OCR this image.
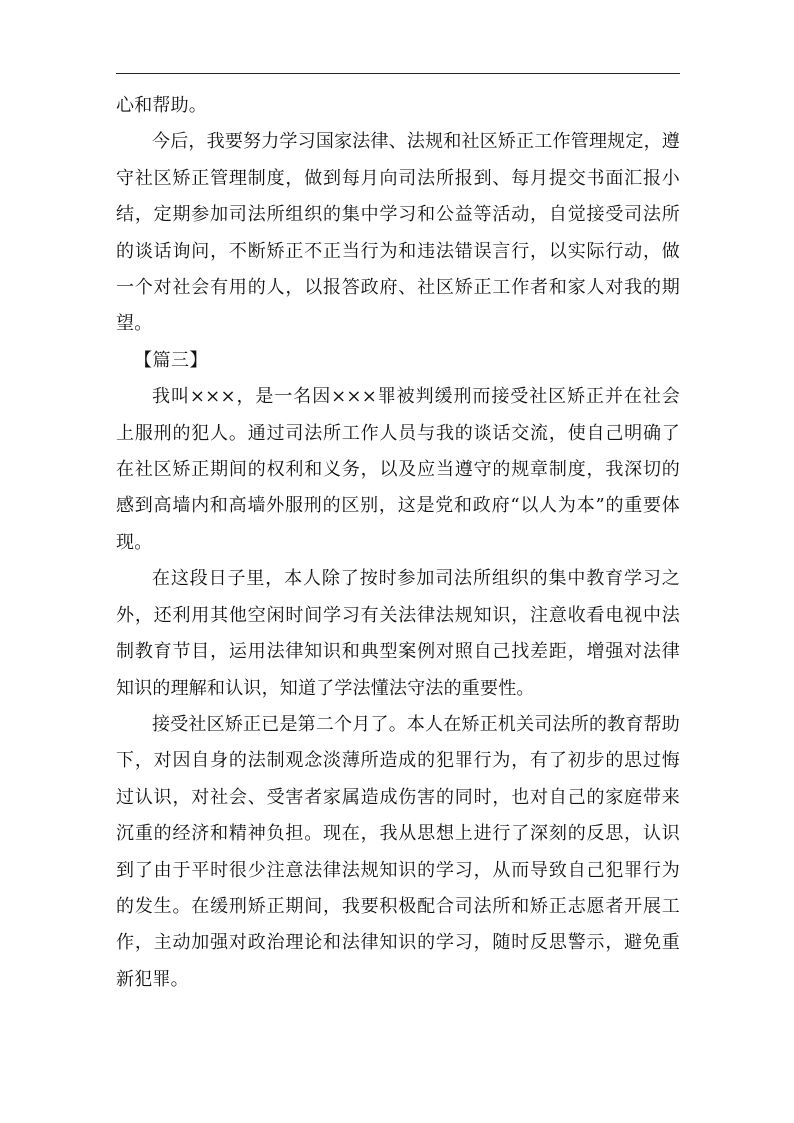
心和帮助。

今后，我要努力学习国家法律、法规和社区矫正工作管理规定，遵守社区矫正管理制度，做到每月向司法所报到、每月提交书面汇报小结，定期参加司法所组织的集中学习和公益等活动，自觉接受司法所的谈话询问，不断矫正不正当行为和违法错误言行，以实际行动，做一个对社会有用的人，以报答政府、社区矫正工作者和家人对我的期望。

【篇三】

我叫×××，是一名因×××罪被判缓刑而接受社区矫正并在社会上服刑的犯人。通过司法所工作人员与我的谈话交流，使自己明确了在社区矫正期间的权利和义务，以及应当遵守的规章制度，我深切的感到高墙内和高墙外服刑的区别，这是党和政府“以人为本”的重要体现。

在这段日子里，本人除了按时参加司法所组织的集中教育学习之外，还利用其他空闲时间学习有关法律法规知识，注意收看电视中法制教育节目，运用法律知识和典型案例对照自己找差距，增强对法律知识的理解和认识，知道了学法懂法守法的重要性。

接受社区矫正已是第二个月了。本人在矫正机关司法所的教育帮助下，对因自身的法制观念淡薄所造成的犯罪行为，有了初步的思过悔过认识，对社会、受害者家属造成伤害的同时，也对自己的家庭带来沉重的经济和精神负担。现在，我从思想上进行了深刻的反思，认识到了由于平时很少注意法律法规知识的学习，从而导致自己犯罪行为的发生。在缓刑矫正期间，我要积极配合司法所和矫正志愿者开展工作，主动加强对政治理论和法律知识的学习，随时反思警示，避免重新犯罪。
